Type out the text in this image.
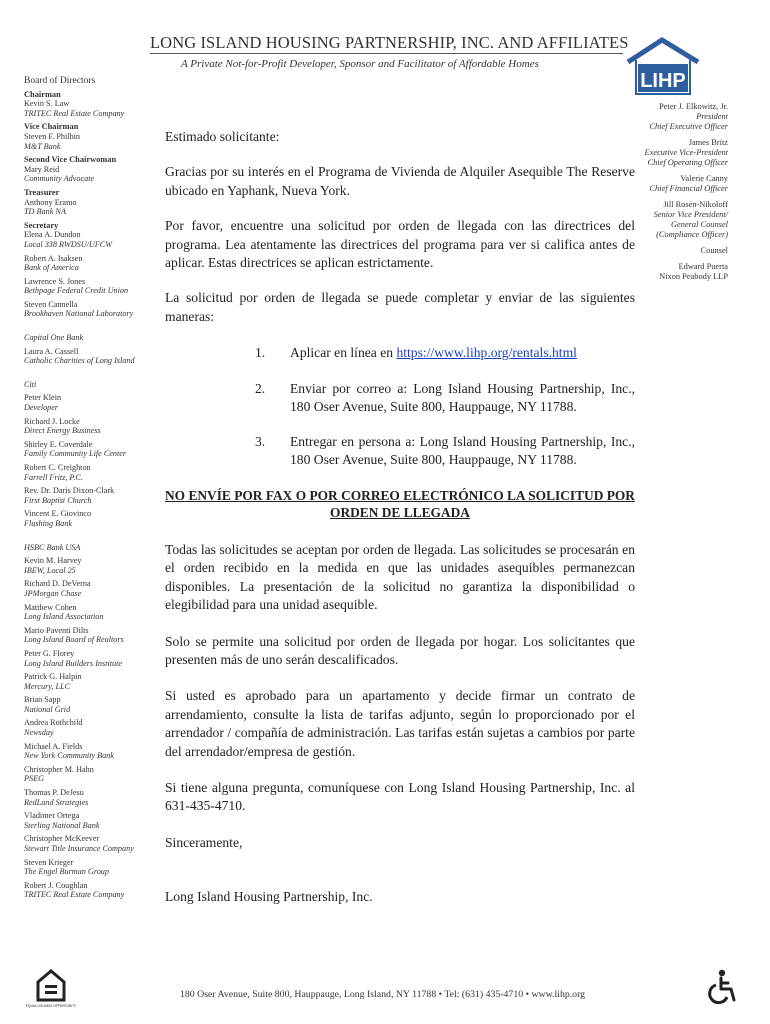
LONG ISLAND HOUSING PARTNERSHIP, INC. AND AFFILIATES
A Private Not-for-Profit Developer, Sponsor and Facilitator of Affordable Homes
LIHP
Board of Directors
Chairman
Kevin S. Law
TRITEC Real Estate Company
Vice Chairman
Steven F. Philbin
M&T Bank
Second Vice Chairwoman
Mary Reid
Community Advocate
Treasurer
Anthony Eramo
TD Bank NA
Secretary
Elena A. Dundon
Local 338 RWDSU/UFCW
Robert A. Isaksen
Bank of America
Lawrence S. Jones
Bethpage Federal Credit Union
Steven Cannella
Brookhaven National Laboratory
Capital One Bank
Laura A. Cassell
Catholic Charities of Long Island
Citi
Peter Klein
Developer
Richard J. Locke
Direct Energy Business
Shirley E. Coverdale
Family Community Life Center
Robert C. Creighton
Farrell Fritz, P.C.
Rev. Dr. Daris Dixon-Clark
First Baptist Church
Vincent E. Giovinco
Flushing Bank
HSBC Bank USA
Kevin M. Harvey
IBEW, Local 25
Richard D. DeVerna
JPMorgan Chase
Matthew Cohen
Long Island Association
Mario Paventi Dilts
Long Island Board of Realtors
Peter G. Florey
Long Island Builders Institute
Patrick G. Halpin
Mercury, LLC
Brian Sapp
National Grid
Andrea Rothchild
Newsday
Michael A. Fields
New York Community Bank
Christopher M. Hahn
PSEG
Thomas P. DeJesu
RedLand Strategies
Vladimer Ortega
Sterling National Bank
Christopher McKeever
Stewart Title Insurance Company
Steven Krieger
The Engel Burman Group
Robert J. Coughlan
TRITEC Real Estate Company
Peter J. Elkowitz, Jr.
President
Chief Executive Officer
James Britz
Executive Vice-President
Chief Operating Officer
Valerie Canny
Chief Financial Officer
Jill Rosen-Nikoloff
Senior Vice President/
General Counsel
(Compliance Officer)
Counsel
Edward Puerta
Nixon Peabody LLP

Estimado solicitante:

Gracias por su interés en el Programa de Vivienda de Alquiler Asequible The Reserve ubicado en Yaphank, Nueva York.

Por favor, encuentre una solicitud por orden de llegada con las directrices del programa. Lea atentamente las directrices del programa para ver si califica antes de aplicar. Estas directrices se aplican estrictamente.

La solicitud por orden de llegada se puede completar y enviar de las siguientes maneras:

1. Aplicar en línea en https://www.lihp.org/rentals.html
2. Enviar por correo a: Long Island Housing Partnership, Inc., 180 Oser Avenue, Suite 800, Hauppauge, NY 11788.
3. Entregar en persona a: Long Island Housing Partnership, Inc., 180 Oser Avenue, Suite 800, Hauppauge, NY 11788.
NO ENVÍE POR FAX O POR CORREO ELECTRÓNICO LA SOLICITUD POR ORDEN DE LLEGADA

Todas las solicitudes se aceptan por orden de llegada. Las solicitudes se procesarán en el orden recibido en la medida en que las unidades asequibles permanezcan disponibles. La presentación de la solicitud no garantiza la disponibilidad o elegibilidad para una unidad asequible.

Solo se permite una solicitud por orden de llegada por hogar. Los solicitantes que presenten más de uno serán descalificados.

Si usted es aprobado para un apartamento y decide firmar un contrato de arrendamiento, consulte la lista de tarifas adjunto, según lo proporcionado por el arrendador / compañía de administración. Las tarifas están sujetas a cambios por parte del arrendador/empresa de gestión.

Si tiene alguna pregunta, comuníquese con Long Island Housing Partnership, Inc. al 631-435-4710.

Sinceramente,

Long Island Housing Partnership, Inc.

EQUAL HOUSING OPPORTUNITY
180 Oser Avenue, Suite 800, Hauppauge, Long Island, NY 11788 • Tel: (631) 435-4710 • www.lihp.org
